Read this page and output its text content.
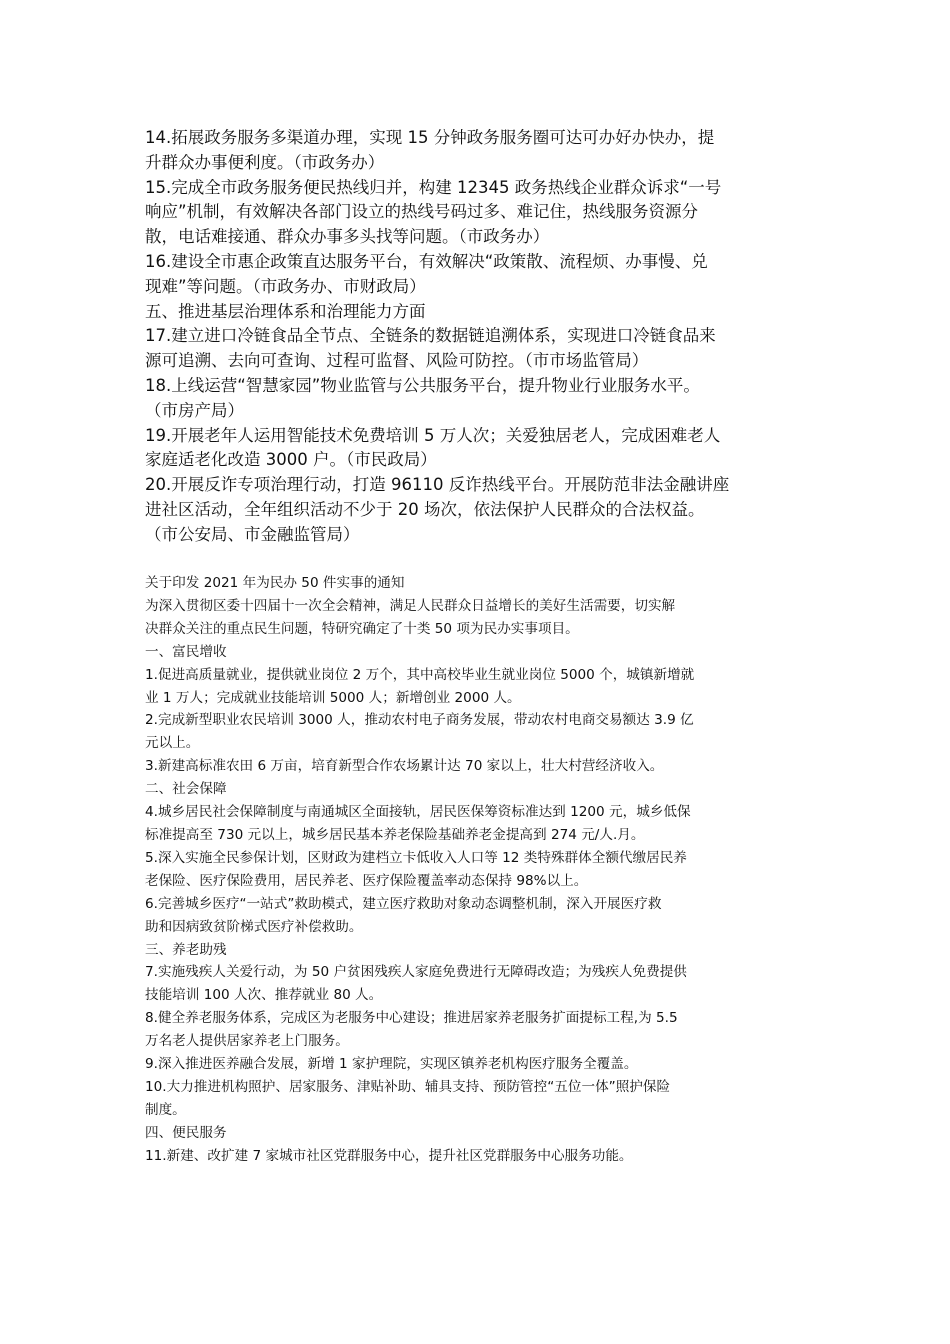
14.拓展政务服务多渠道办理，实现 15 分钟政务服务圈可达可办好办快办，提
升群众办事便利度。（市政务办）
15.完成全市政务服务便民热线归并，构建 12345 政务热线企业群众诉求“一号
响应”机制，有效解决各部门设立的热线号码过多、难记住，热线服务资源分
散，电话难接通、群众办事多头找等问题。（市政务办）
16.建设全市惠企政策直达服务平台，有效解决“政策散、流程烦、办事慢、兑
现难”等问题。（市政务办、市财政局）
五、推进基层治理体系和治理能力方面
17.建立进口冷链食品全节点、全链条的数据链追溯体系，实现进口冷链食品来
源可追溯、去向可查询、过程可监督、风险可防控。（市市场监管局）
18.上线运营“智慧家园”物业监管与公共服务平台，提升物业行业服务水平。
（市房产局）
19.开展老年人运用智能技术免费培训 5 万人次；关爱独居老人，完成困难老人
家庭适老化改造 3000 户。（市民政局）
20.开展反诈专项治理行动，打造 96110 反诈热线平台。开展防范非法金融讲座
进社区活动，全年组织活动不少于 20 场次，依法保护人民群众的合法权益。
（市公安局、市金融监管局）
关于印发 2021 年为民办 50 件实事的通知
为深入贯彻区委十四届十一次全会精神，满足人民群众日益增长的美好生活需要，切实解
决群众关注的重点民生问题，特研究确定了十类 50 项为民办实事项目。
一、富民增收
1.促进高质量就业，提供就业岗位 2 万个，其中高校毕业生就业岗位 5000 个，城镇新增就
业 1 万人；完成就业技能培训 5000 人；新增创业 2000 人。
2.完成新型职业农民培训 3000 人，推动农村电子商务发展，带动农村电商交易额达 3.9 亿
元以上。
3.新建高标准农田 6 万亩，培育新型合作农场累计达 70 家以上，壮大村营经济收入。
二、社会保障
4.城乡居民社会保障制度与南通城区全面接轨，居民医保筹资标准达到 1200 元，城乡低保
标准提高至 730 元以上，城乡居民基本养老保险基础养老金提高到 274 元/人.月。
5.深入实施全民参保计划，区财政为建档立卡低收入人口等 12 类特殊群体全额代缴居民养
老保险、医疗保险费用，居民养老、医疗保险覆盖率动态保持 98%以上。
6.完善城乡医疗“一站式”救助模式，建立医疗救助对象动态调整机制，深入开展医疗救
助和因病致贫阶梯式医疗补偿救助。
三、养老助残
7.实施残疾人关爱行动，为 50 户贫困残疾人家庭免费进行无障碍改造；为残疾人免费提供
技能培训 100 人次、推荐就业 80 人。
8.健全养老服务体系，完成区为老服务中心建设；推进居家养老服务扩面提标工程,为 5.5
万名老人提供居家养老上门服务。
9.深入推进医养融合发展，新增 1 家护理院，实现区镇养老机构医疗服务全覆盖。
10.大力推进机构照护、居家服务、津贴补助、辅具支持、预防管控“五位一体”照护保险
制度。
四、便民服务
11.新建、改扩建 7 家城市社区党群服务中心，提升社区党群服务中心服务功能。
